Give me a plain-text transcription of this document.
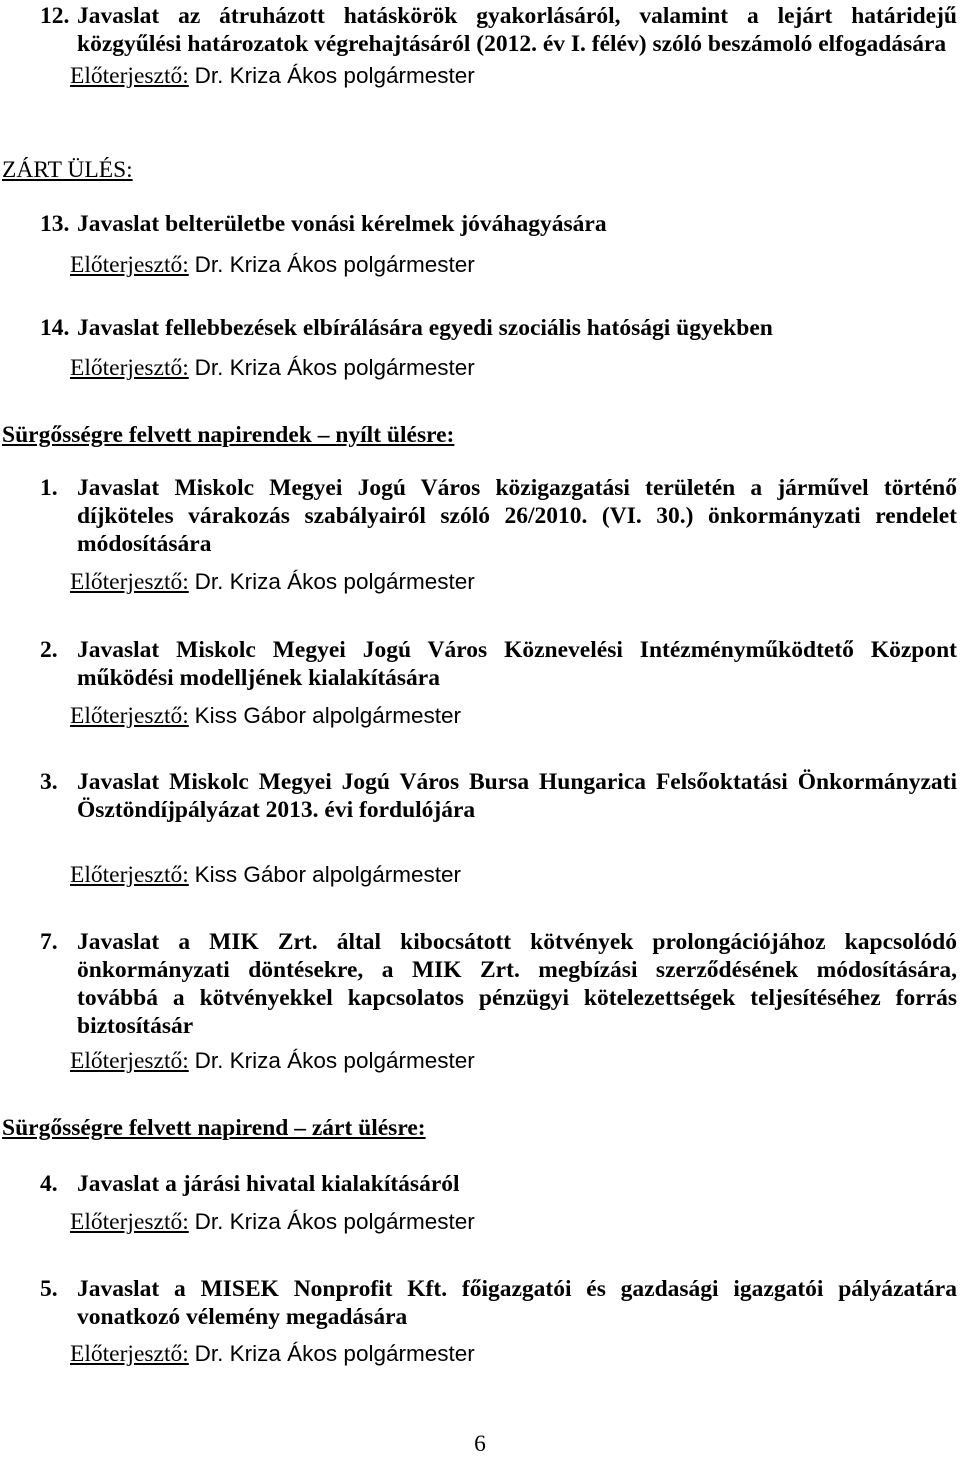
12. Javaslat az átruházott hatáskörök gyakorlásáról, valamint a lejárt határidejű
közgyűlési határozatok végrehajtásáról (2012. év I. félév) szóló beszámoló elfogadására
Előterjesztő: Dr. Kriza Ákos polgármester
ZÁRT ÜLÉS:
13. Javaslat belterületbe vonási kérelmek jóváhagyására
Előterjesztő: Dr. Kriza Ákos polgármester
14. Javaslat fellebbezések elbírálására egyedi szociális hatósági ügyekben
Előterjesztő: Dr. Kriza Ákos polgármester
Sürgősségre felvett napirendek – nyílt ülésre:
1. Javaslat Miskolc Megyei Jogú Város közigazgatási területén a járművel történő
díjköteles várakozás szabályairól szóló 26/2010. (VI. 30.) önkormányzati rendelet
módosítására
Előterjesztő: Dr. Kriza Ákos polgármester
2. Javaslat Miskolc Megyei Jogú Város Köznevelési Intézményműködtető Központ
működési modelljének kialakítására
Előterjesztő: Kiss Gábor alpolgármester
3. Javaslat Miskolc Megyei Jogú Város Bursa Hungarica Felsőoktatási Önkormányzati
Ösztöndíjpályázat 2013. évi fordulójára
Előterjesztő: Kiss Gábor alpolgármester
7. Javaslat a MIK Zrt. által kibocsátott kötvények prolongációjához kapcsolódó
önkormányzati döntésekre, a MIK Zrt. megbízási szerződésének módosítására,
továbbá a kötvényekkel kapcsolatos pénzügyi kötelezettségek teljesítéséhez forrás
biztosításár
Előterjesztő: Dr. Kriza Ákos polgármester
Sürgősségre felvett napirend – zárt ülésre:
4. Javaslat a járási hivatal kialakításáról
Előterjesztő: Dr. Kriza Ákos polgármester
5. Javaslat a MISEK Nonprofit Kft. főigazgatói és gazdasági igazgatói pályázatára
vonatkozó vélemény megadására
Előterjesztő: Dr. Kriza Ákos polgármester
6
